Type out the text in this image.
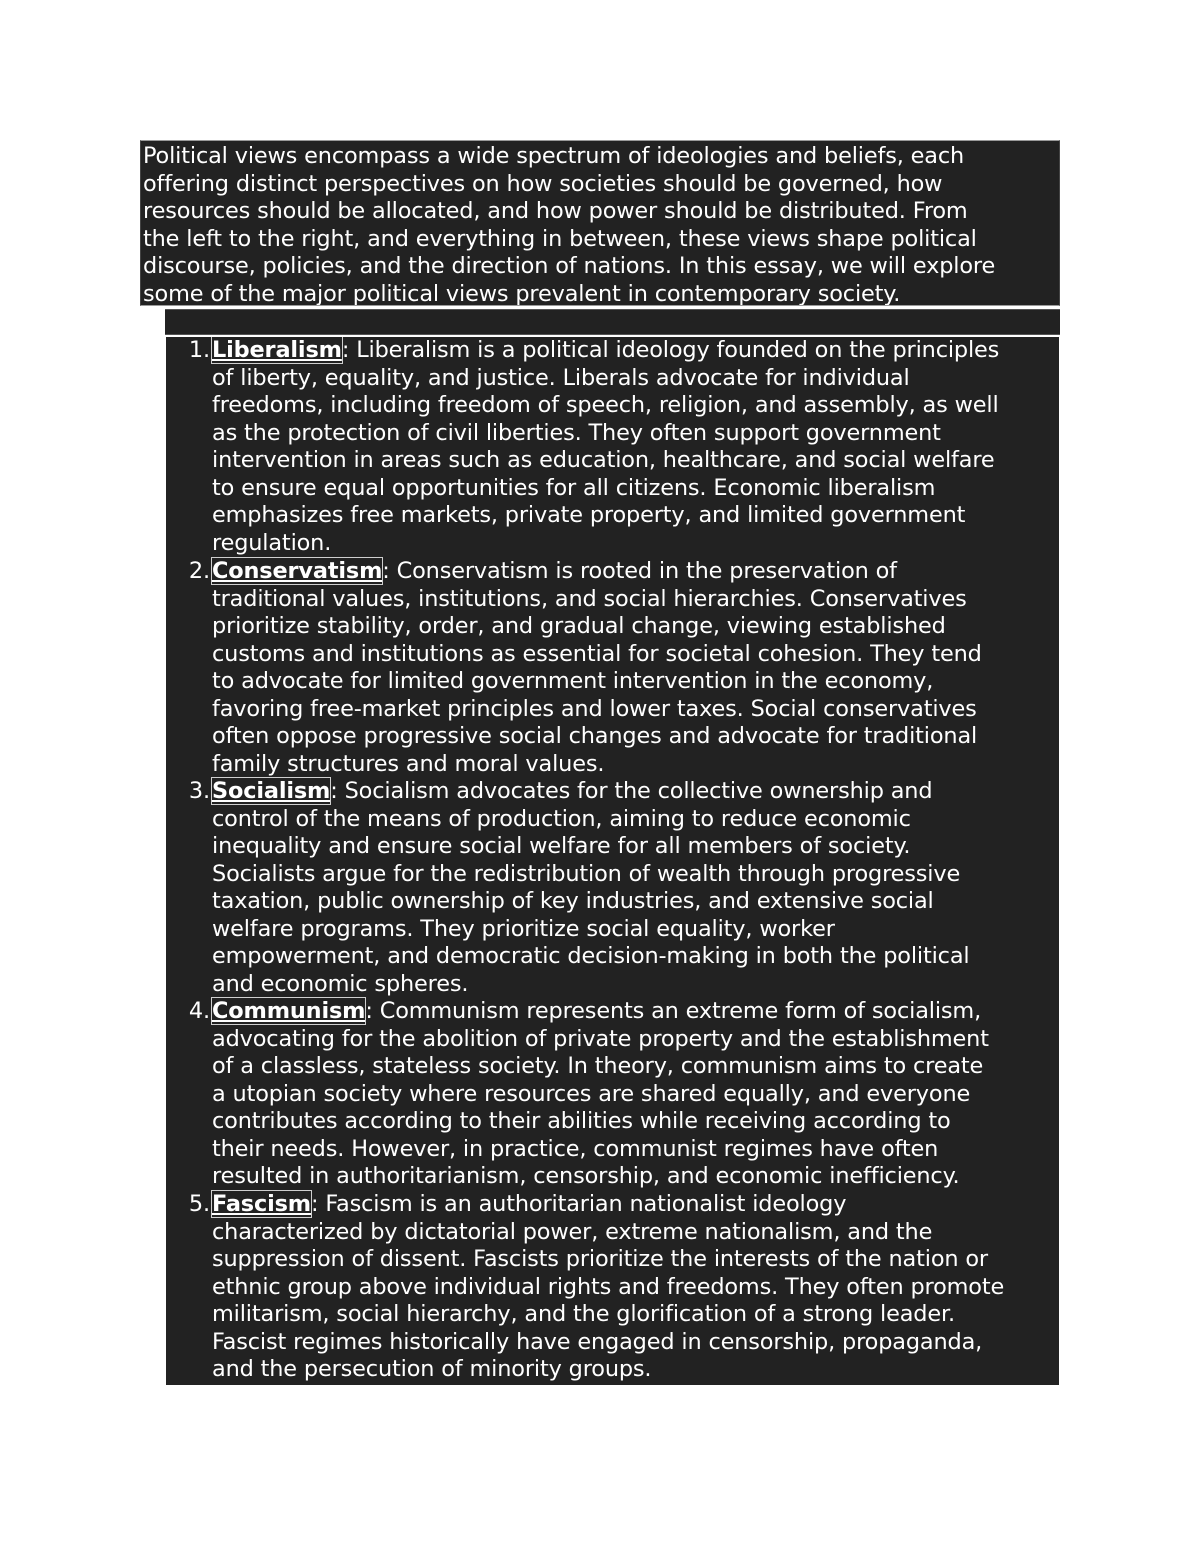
Political views encompass a wide spectrum of ideologies and beliefs, each
offering distinct perspectives on how societies should be governed, how
resources should be allocated, and how power should be distributed. From
the left to the right, and everything in between, these views shape political
discourse, policies, and the direction of nations. In this essay, we will explore
some of the major political views prevalent in contemporary society.
1. Liberalism: Liberalism is a political ideology founded on the principles
of liberty, equality, and justice. Liberals advocate for individual
freedoms, including freedom of speech, religion, and assembly, as well
as the protection of civil liberties. They often support government
intervention in areas such as education, healthcare, and social welfare
to ensure equal opportunities for all citizens. Economic liberalism
emphasizes free markets, private property, and limited government
regulation.
2. Conservatism: Conservatism is rooted in the preservation of
traditional values, institutions, and social hierarchies. Conservatives
prioritize stability, order, and gradual change, viewing established
customs and institutions as essential for societal cohesion. They tend
to advocate for limited government intervention in the economy,
favoring free-market principles and lower taxes. Social conservatives
often oppose progressive social changes and advocate for traditional
family structures and moral values.
3. Socialism: Socialism advocates for the collective ownership and
control of the means of production, aiming to reduce economic
inequality and ensure social welfare for all members of society.
Socialists argue for the redistribution of wealth through progressive
taxation, public ownership of key industries, and extensive social
welfare programs. They prioritize social equality, worker
empowerment, and democratic decision-making in both the political
and economic spheres.
4. Communism: Communism represents an extreme form of socialism,
advocating for the abolition of private property and the establishment
of a classless, stateless society. In theory, communism aims to create
a utopian society where resources are shared equally, and everyone
contributes according to their abilities while receiving according to
their needs. However, in practice, communist regimes have often
resulted in authoritarianism, censorship, and economic inefficiency.
5. Fascism: Fascism is an authoritarian nationalist ideology
characterized by dictatorial power, extreme nationalism, and the
suppression of dissent. Fascists prioritize the interests of the nation or
ethnic group above individual rights and freedoms. They often promote
militarism, social hierarchy, and the glorification of a strong leader.
Fascist regimes historically have engaged in censorship, propaganda,
and the persecution of minority groups.
